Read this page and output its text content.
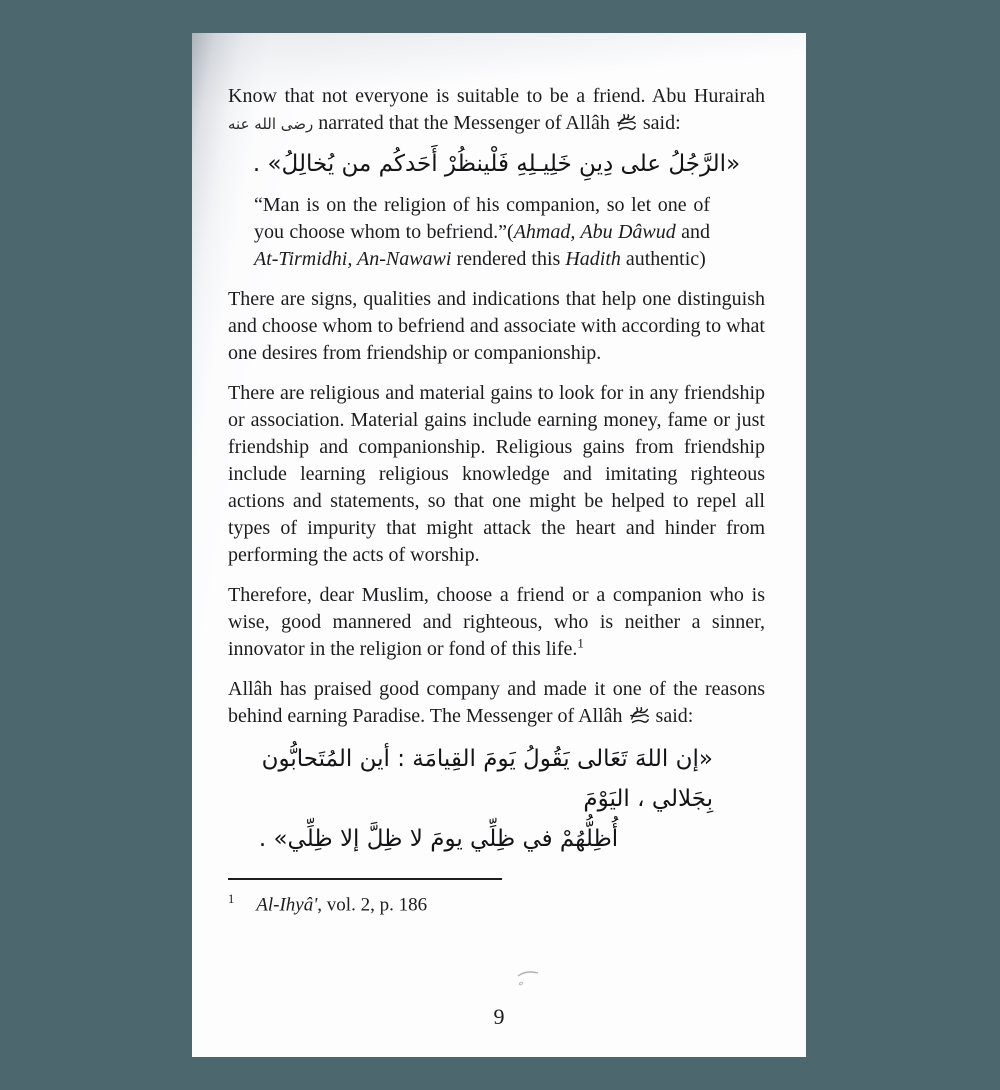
Know that not everyone is suitable to be a friend. Abu Hurairah رضى الله عنه narrated that the Messenger of Allâh  said:

«الرَّجُلُ على دِينِ خَلِيـلِهِ فَلْينظُرْ أَحَدكُم من يُخالِلُ» .

“Man is on the religion of his companion, so let one of you choose whom to befriend.”(Ahmad, Abu Dâwud and At-Tirmidhi, An-Nawawi rendered this Hadith authentic)

There are signs, qualities and indications that help one distinguish and choose whom to befriend and associate with according to what one desires from friendship or companionship.

There are religious and material gains to look for in any friendship or association. Material gains include earning money, fame or just friendship and companionship. Religious gains from friendship include learning religious knowledge and imitating righteous actions and statements, so that one might be helped to repel all types of impurity that might attack the heart and hinder from performing the acts of worship.

Therefore, dear Muslim, choose a friend or a companion who is wise, good mannered and righteous, who is neither a sinner, innovator in the religion or fond of this life.$^1$

Allâh has praised good company and made it one of the reasons behind earning Paradise. The Messenger of Allâh  said:

«إن اللهَ تَعَالى يَقُولُ يَومَ القِيامَة : أين المُتَحابُّون بِجَلالي ، اليَوْمَ
أُظِلُّهُمْ في ظِلِّي يومَ لا ظِلَّ إلا ظِلِّي» .
$^1$ Al-Ihyâ', vol. 2, p. 186
9
